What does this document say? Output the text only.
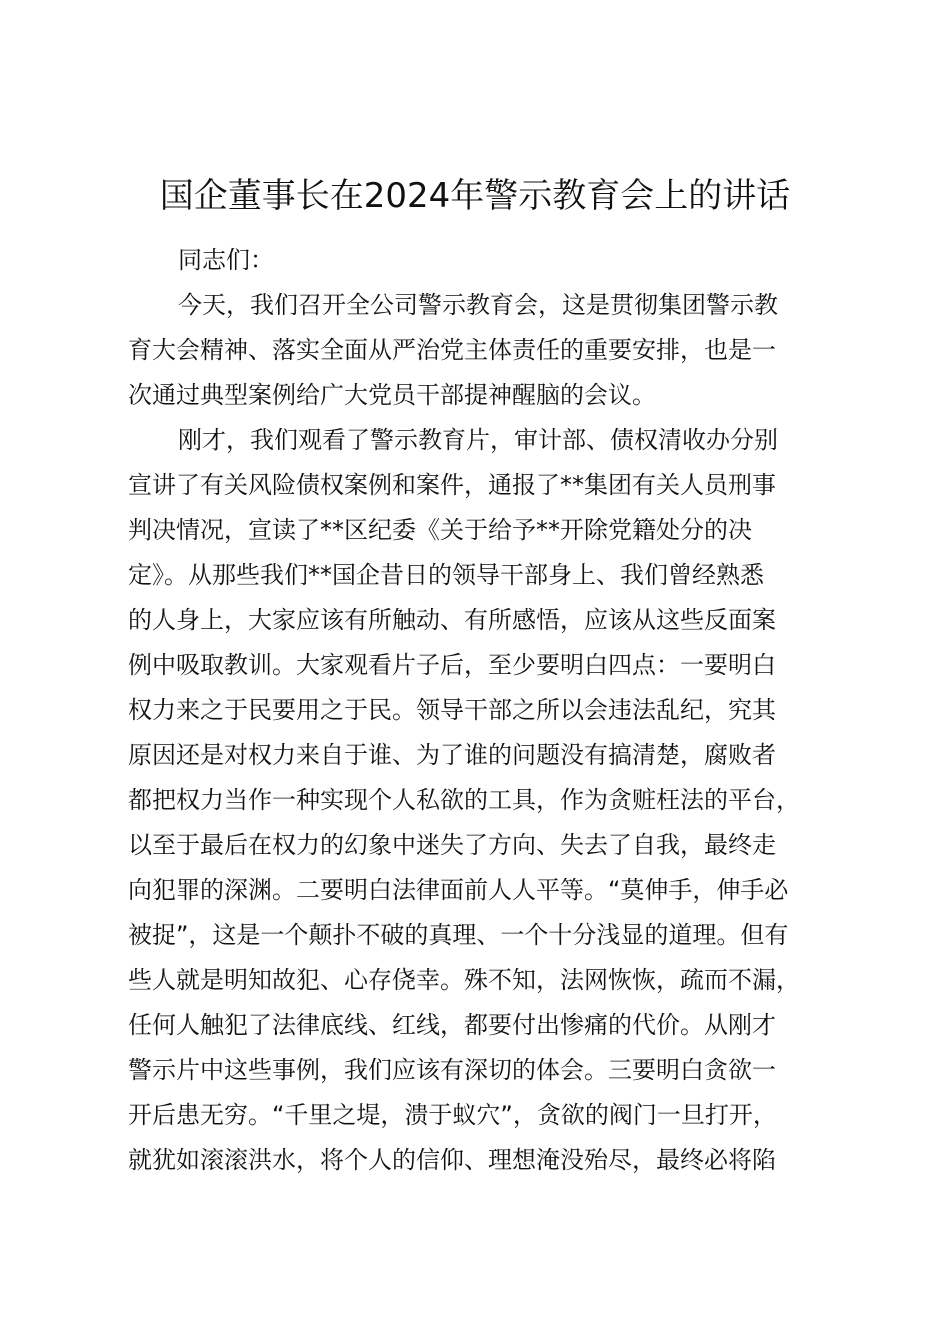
国企董事长在2024年警示教育会上的讲话
同志们：
今天，我们召开全公司警示教育会，这是贯彻集团警示教
育大会精神、落实全面从严治党主体责任的重要安排，也是一
次通过典型案例给广大党员干部提神醒脑的会议。
刚才，我们观看了警示教育片，审计部、债权清收办分别
宣讲了有关风险债权案例和案件，通报了**集团有关人员刑事
判决情况，宣读了**区纪委《关于给予**开除党籍处分的决
定》。从那些我们**国企昔日的领导干部身上、我们曾经熟悉
的人身上，大家应该有所触动、有所感悟，应该从这些反面案
例中吸取教训。大家观看片子后，至少要明白四点：一要明白
权力来之于民要用之于民。领导干部之所以会违法乱纪，究其
原因还是对权力来自于谁、为了谁的问题没有搞清楚，腐败者
都把权力当作一种实现个人私欲的工具，作为贪赃枉法的平台，
以至于最后在权力的幻象中迷失了方向、失去了自我，最终走
向犯罪的深渊。二要明白法律面前人人平等。“莫伸手，伸手必
被捉”，这是一个颠扑不破的真理、一个十分浅显的道理。但有
些人就是明知故犯、心存侥幸。殊不知，法网恢恢，疏而不漏，
任何人触犯了法律底线、红线，都要付出惨痛的代价。从刚才
警示片中这些事例，我们应该有深切的体会。三要明白贪欲一
开后患无穷。“千里之堤，溃于蚁穴”，贪欲的阀门一旦打开，
就犹如滚滚洪水，将个人的信仰、理想淹没殆尽，最终必将陷
